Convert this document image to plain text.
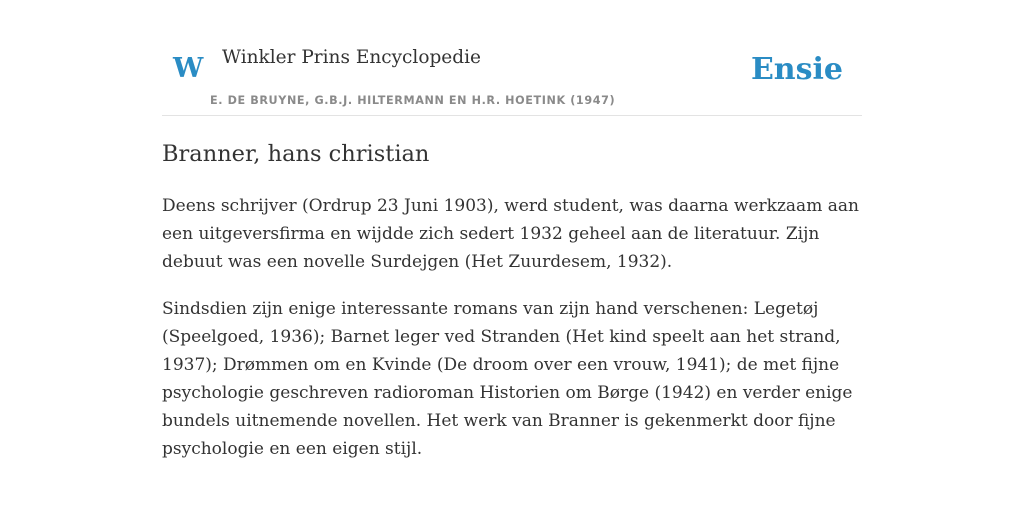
W Winkler Prins Encyclopedie
E. DE BRUYNE, G.B.J. HILTERMANN EN H.R. HOETINK (1947)
Ensie
Branner, hans christian

Deens schrijver (Ordrup 23 Juni 1903), werd student, was daarna werkzaam aan een uitgeversfirma en wijdde zich sedert 1932 geheel aan de literatuur. Zijn debuut was een novelle Surdejgen (Het Zuurdesem, 1932).

Sindsdien zijn enige interessante romans van zijn hand verschenen: Legetøj (Speelgoed, 1936); Barnet leger ved Stranden (Het kind speelt aan het strand, 1937); Drømmen om en Kvinde (De droom over een vrouw, 1941); de met fijne psychologie geschreven radioroman Historien om Børge (1942) en verder enige bundels uitnemende novellen. Het werk van Branner is gekenmerkt door fijne psychologie en een eigen stijl.
